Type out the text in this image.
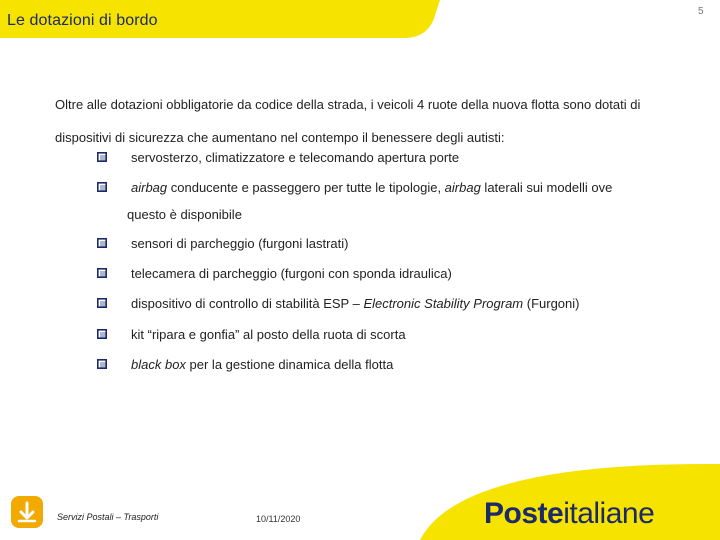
Le dotazioni di bordo
5
Oltre alle dotazioni obbligatorie da codice della strada, i veicoli 4 ruote della nuova flotta sono dotati di dispositivi di sicurezza che aumentano nel contempo il benessere degli autisti:
servosterzo, climatizzatore e telecomando apertura porte
airbag conducente e passeggero per tutte le tipologie, airbag laterali sui modelli ove
questo è disponibile
sensori di parcheggio (furgoni lastrati)
telecamera di parcheggio (furgoni con sponda idraulica)
dispositivo di controllo di stabilità ESP – Electronic Stability Program (Furgoni)
kit “ripara e gonfia” al posto della ruota di scorta
black box per la gestione dinamica della flotta
Servizi Postali – Trasporti	10/11/2020	Posteitaliane
